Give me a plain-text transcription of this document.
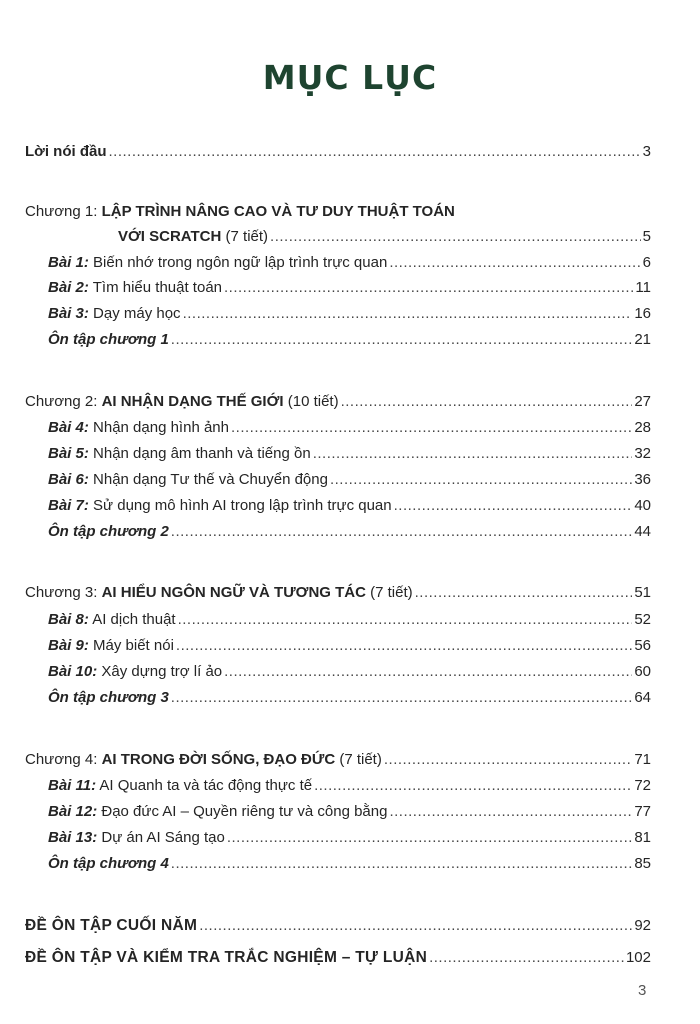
MỤC LỤC
Lời nói đầu .....	3
Chương 1: LẬP TRÌNH NÂNG CAO VÀ TƯ DUY THUẬT TOÁN
VỚI SCRATCH (7 tiết) .....	5
Bài 1: Biến nhớ trong ngôn ngữ lập trình trực quan .....	6
Bài 2: Tìm hiểu thuật toán .....	11
Bài 3: Dạy máy học .....	16
Ôn tập chương 1 .....	21
Chương 2: AI NHẬN DẠNG THẾ GIỚI (10 tiết) .....	27
Bài 4: Nhận dạng hình ảnh .....	28
Bài 5: Nhận dạng âm thanh và tiếng ồn .....	32
Bài 6: Nhận dạng Tư thế và Chuyển động .....	36
Bài 7: Sử dụng mô hình AI trong lập trình trực quan .....	40
Ôn tập chương 2 .....	44
Chương 3: AI HIỂU NGÔN NGỮ VÀ TƯƠNG TÁC (7 tiết) .....	51
Bài 8: AI dịch thuật .....	52
Bài 9: Máy biết nói .....	56
Bài 10: Xây dựng trợ lí ảo .....	60
Ôn tập chương 3 .....	64
Chương 4: AI TRONG ĐỜI SỐNG, ĐẠO ĐỨC (7 tiết) .....	71
Bài 11: AI Quanh ta và tác động thực tế .....	72
Bài 12: Đạo đức AI – Quyền riêng tư và công bằng .....	77
Bài 13: Dự án AI Sáng tạo .....	81
Ôn tập chương 4 .....	85
ĐỀ ÔN TẬP CUỐI NĂM .....	92
ĐỀ ÔN TẬP VÀ KIỂM TRA TRẮC NGHIỆM – TỰ LUẬN .....	102
3
